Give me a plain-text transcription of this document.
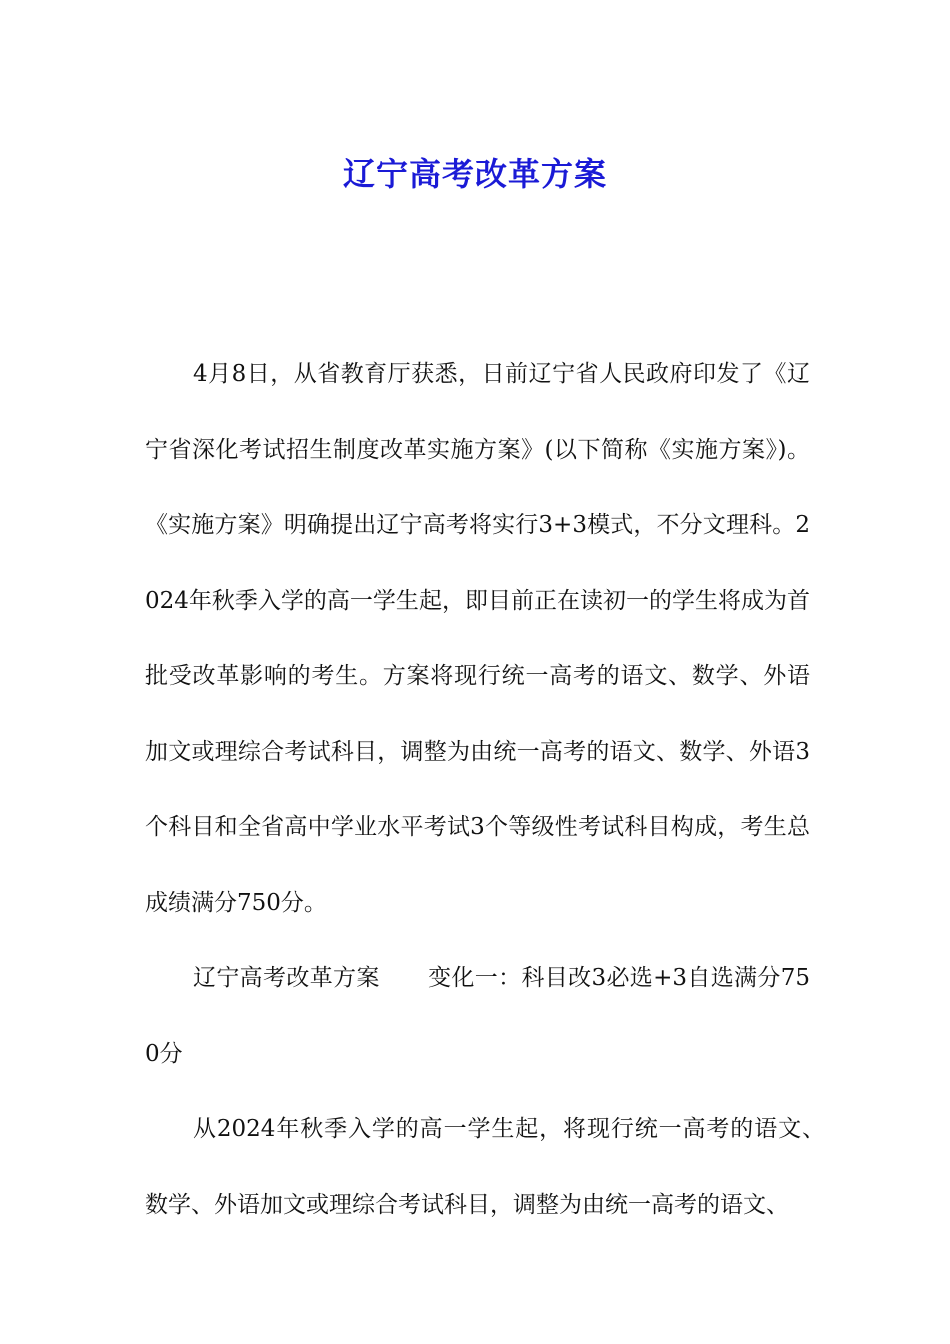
辽宁高考改革方案

4月8日，从省教育厅获悉，日前辽宁省人民政府印发了《辽宁省深化考试招生制度改革实施方案》(以下简称《实施方案》)。《实施方案》明确提出辽宁高考将实行3+3模式，不分文理科。2024年秋季入学的高一学生起，即目前正在读初一的学生将成为首批受改革影响的考生。方案将现行统一高考的语文、数学、外语加文或理综合考试科目，调整为由统一高考的语文、数学、外语3个科目和全省高中学业水平考试3个等级性考试科目构成，考生总成绩满分750分。

辽宁高考改革方案 变化一：科目改3必选+3自选满分750分

从2024年秋季入学的高一学生起，将现行统一高考的语文、数学、外语加文或理综合考试科目，调整为由统一高考的语文、
